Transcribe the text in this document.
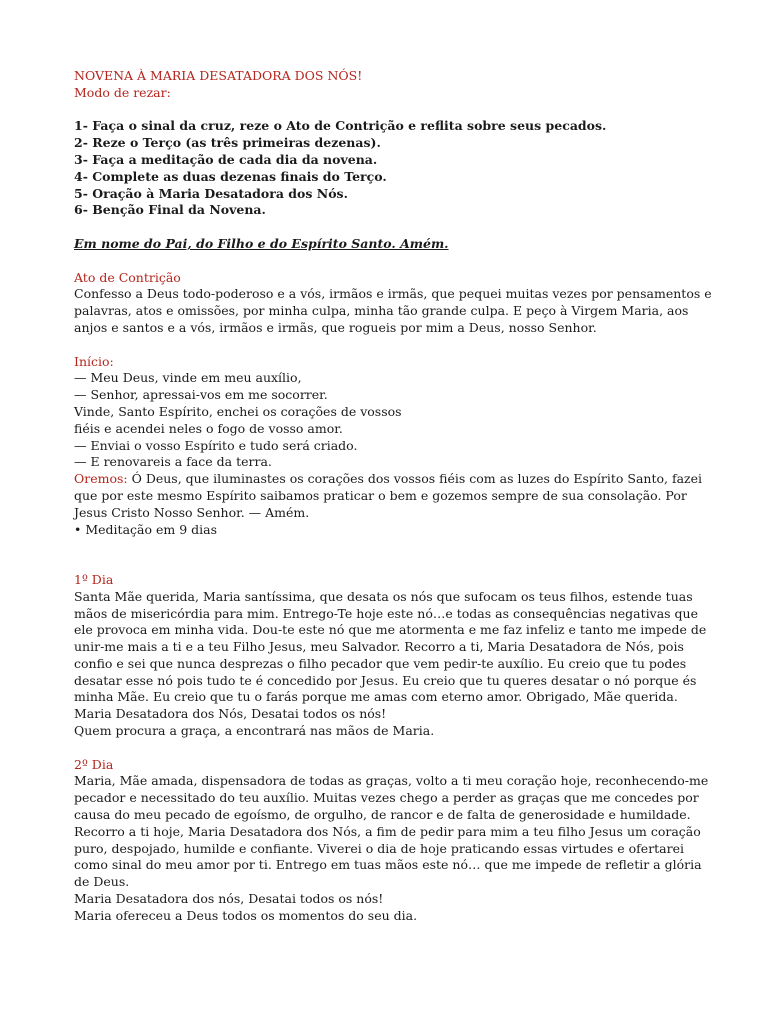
NOVENA À MARIA DESATADORA DOS NÓS!
Modo de rezar:
1- Faça o sinal da cruz, reze o Ato de Contrição e reflita sobre seus pecados.
2- Reze o Terço (as três primeiras dezenas).
3- Faça a meditação de cada dia da novena.
4- Complete as duas dezenas finais do Terço.
5- Oração à Maria Desatadora dos Nós.
6- Benção Final da Novena.
Em nome do Pai, do Filho e do Espírito Santo. Amém.
Ato de Contrição
Confesso a Deus todo-poderoso e a vós, irmãos e irmãs, que pequei muitas vezes por pensamentos e
palavras, atos e omissões, por minha culpa, minha tão grande culpa. E peço à Virgem Maria, aos
anjos e santos e a vós, irmãos e irmãs, que rogueis por mim a Deus, nosso Senhor.
Início:
— Meu Deus, vinde em meu auxílio,
— Senhor, apressai-vos em me socorrer.
Vinde, Santo Espírito, enchei os corações de vossos
fiéis e acendei neles o fogo de vosso amor.
— Enviai o vosso Espírito e tudo será criado.
— E renovareis a face da terra.
Oremos: Ó Deus, que iluminastes os corações dos vossos fiéis com as luzes do Espírito Santo, fazei
que por este mesmo Espírito saibamos praticar o bem e gozemos sempre de sua consolação. Por
Jesus Cristo Nosso Senhor. — Amém.
• Meditação em 9 dias
1º Dia
Santa Mãe querida, Maria santíssima, que desata os nós que sufocam os teus filhos, estende tuas
mãos de misericórdia para mim. Entrego-Te hoje este nó…e todas as consequências negativas que
ele provoca em minha vida. Dou-te este nó que me atormenta e me faz infeliz e tanto me impede de
unir-me mais a ti e a teu Filho Jesus, meu Salvador. Recorro a ti, Maria Desatadora de Nós, pois
confio e sei que nunca desprezas o filho pecador que vem pedir-te auxílio. Eu creio que tu podes
desatar esse nó pois tudo te é concedido por Jesus. Eu creio que tu queres desatar o nó porque és
minha Mãe. Eu creio que tu o farás porque me amas com eterno amor. Obrigado, Mãe querida.
Maria Desatadora dos Nós, Desatai todos os nós!
Quem procura a graça, a encontrará nas mãos de Maria.
2º Dia
Maria, Mãe amada, dispensadora de todas as graças, volto a ti meu coração hoje, reconhecendo-me
pecador e necessitado do teu auxílio. Muitas vezes chego a perder as graças que me concedes por
causa do meu pecado de egoísmo, de orgulho, de rancor e de falta de generosidade e humildade.
Recorro a ti hoje, Maria Desatadora dos Nós, a fim de pedir para mim a teu filho Jesus um coração
puro, despojado, humilde e confiante. Viverei o dia de hoje praticando essas virtudes e ofertarei
como sinal do meu amor por ti. Entrego em tuas mãos este nó… que me impede de refletir a glória
de Deus.
Maria Desatadora dos nós, Desatai todos os nós!
Maria ofereceu a Deus todos os momentos do seu dia.
